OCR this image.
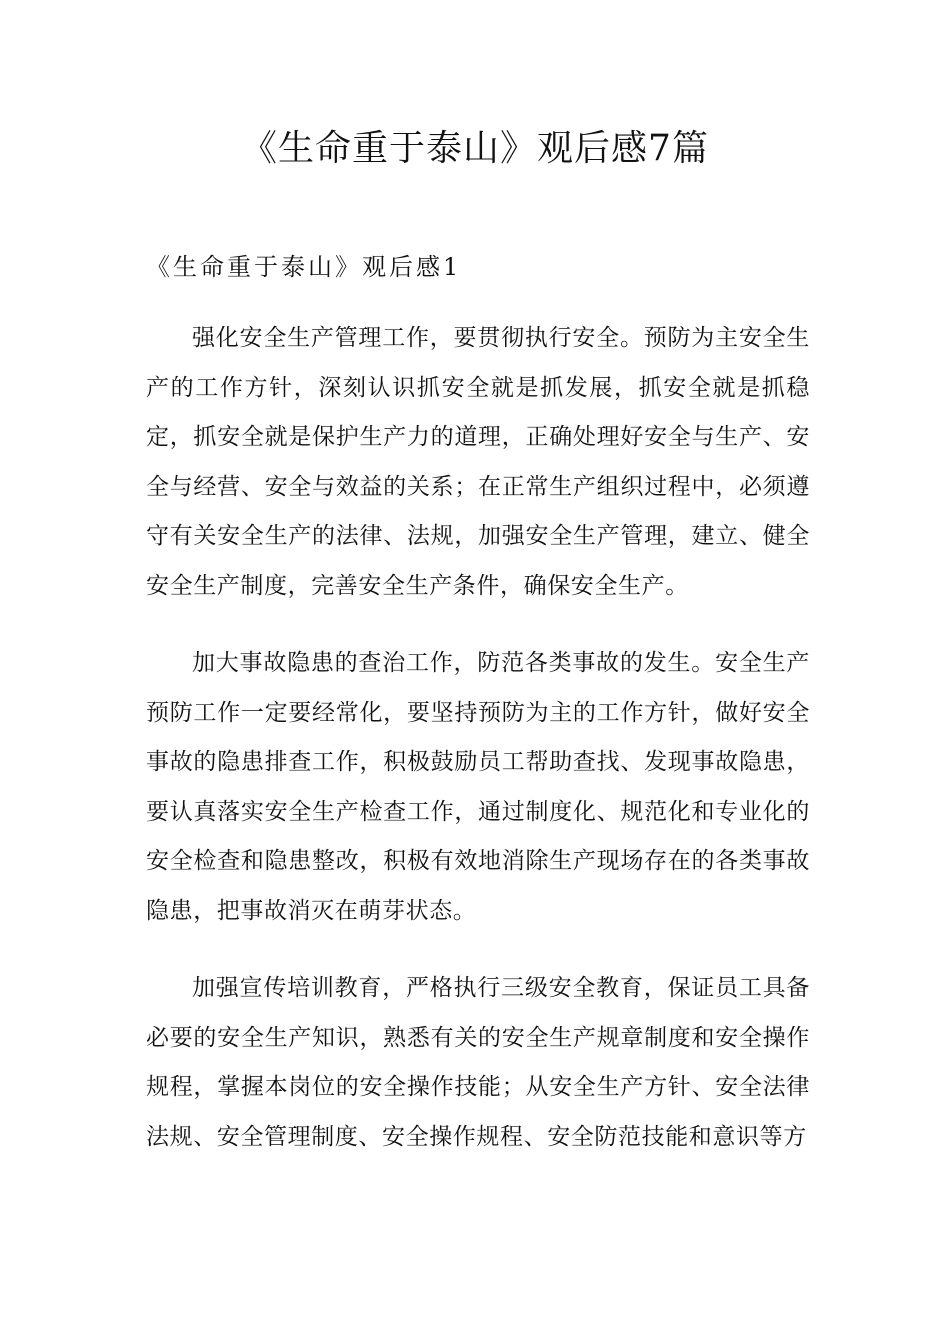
《生命重于泰山》观后感7篇
《生命重于泰山》观后感1

强化安全生产管理工作，要贯彻执行安全。预防为主安全生产的工作方针，深刻认识抓安全就是抓发展，抓安全就是抓稳定，抓安全就是保护生产力的道理，正确处理好安全与生产、安全与经营、安全与效益的关系；在正常生产组织过程中，必须遵守有关安全生产的法律、法规，加强安全生产管理，建立、健全安全生产制度，完善安全生产条件，确保安全生产。

加大事故隐患的查治工作，防范各类事故的发生。安全生产预防工作一定要经常化，要坚持预防为主的工作方针，做好安全事故的隐患排查工作，积极鼓励员工帮助查找、发现事故隐患，要认真落实安全生产检查工作，通过制度化、规范化和专业化的安全检查和隐患整改，积极有效地消除生产现场存在的各类事故隐患，把事故消灭在萌芽状态。

加强宣传培训教育，严格执行三级安全教育，保证员工具备必要的安全生产知识，熟悉有关的安全生产规章制度和安全操作规程，掌握本岗位的安全操作技能；从安全生产方针、安全法律法规、安全管理制度、安全操作规程、安全防范技能和意识等方
